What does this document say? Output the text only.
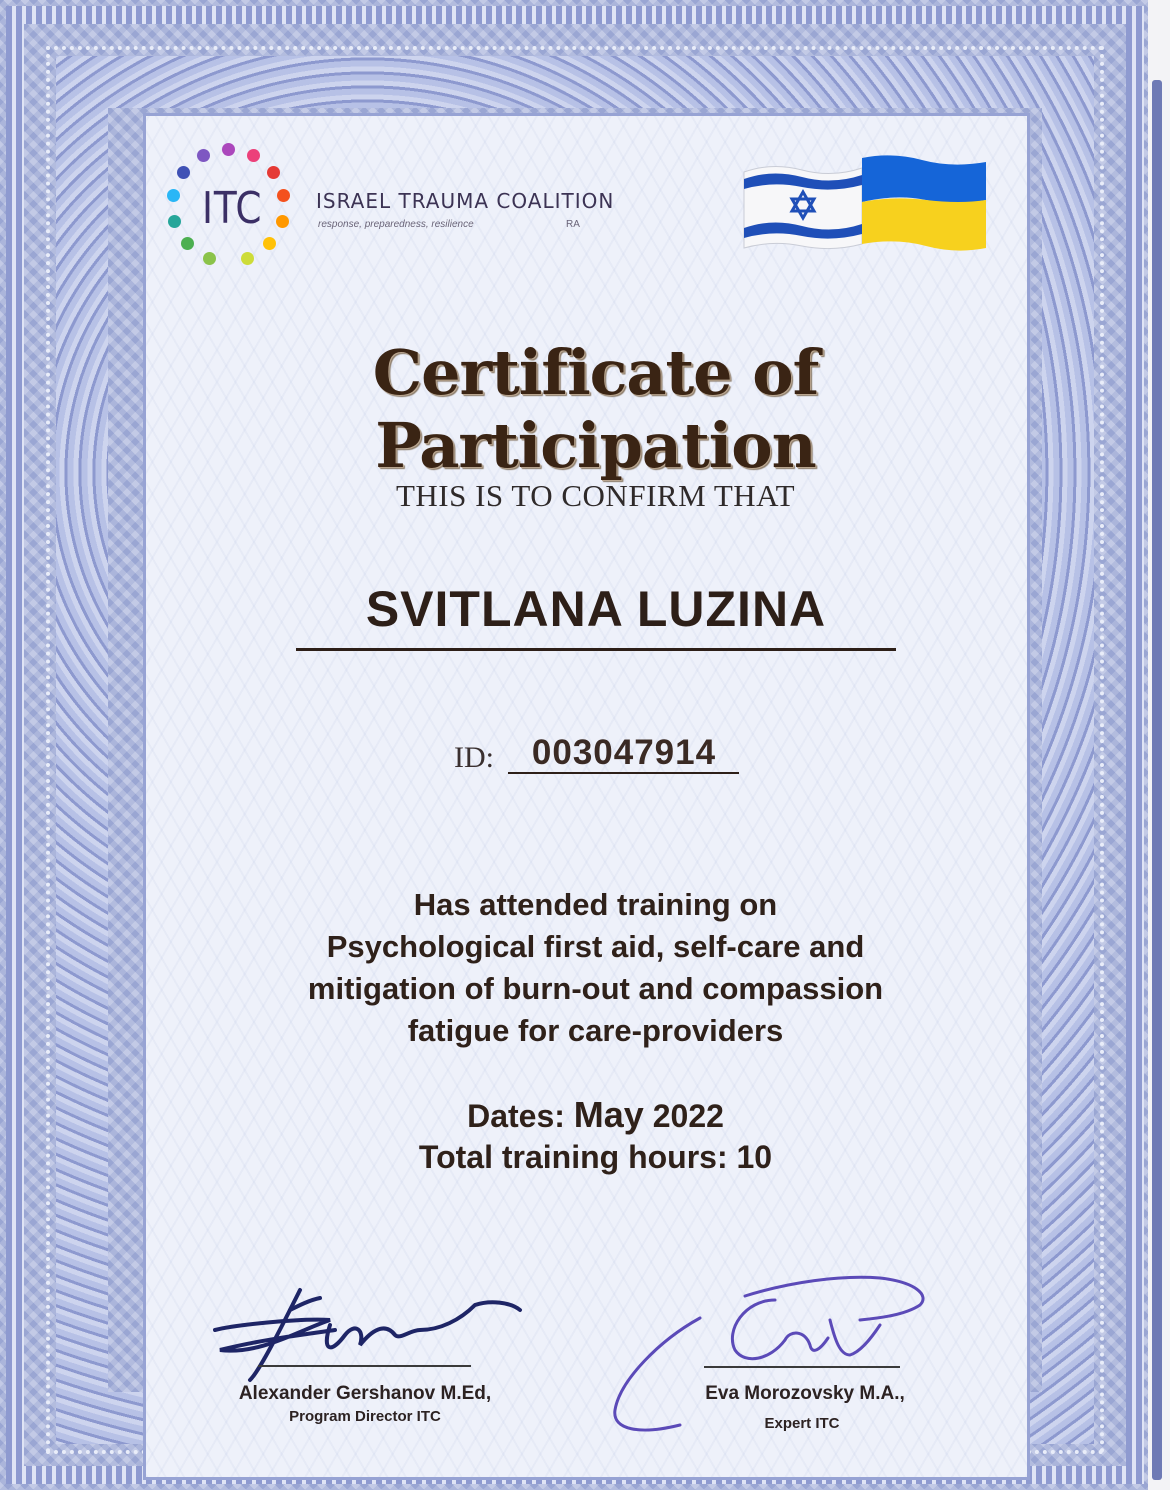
ITC	ISRAEL TRAUMA COALITION
response, preparedness, resilience	RA
Certificate of Participation
THIS IS TO CONFIRM THAT
SVITLANA LUZINA
ID:	003047914
Has attended training on
Psychological first aid, self-care and
mitigation of burn-out and compassion
fatigue for care-providers
Dates: May 2022
Total training hours: 10
Alexander Gershanov M.Ed,
Program Director ITC
Eva Morozovsky M.A.,
Expert ITC
